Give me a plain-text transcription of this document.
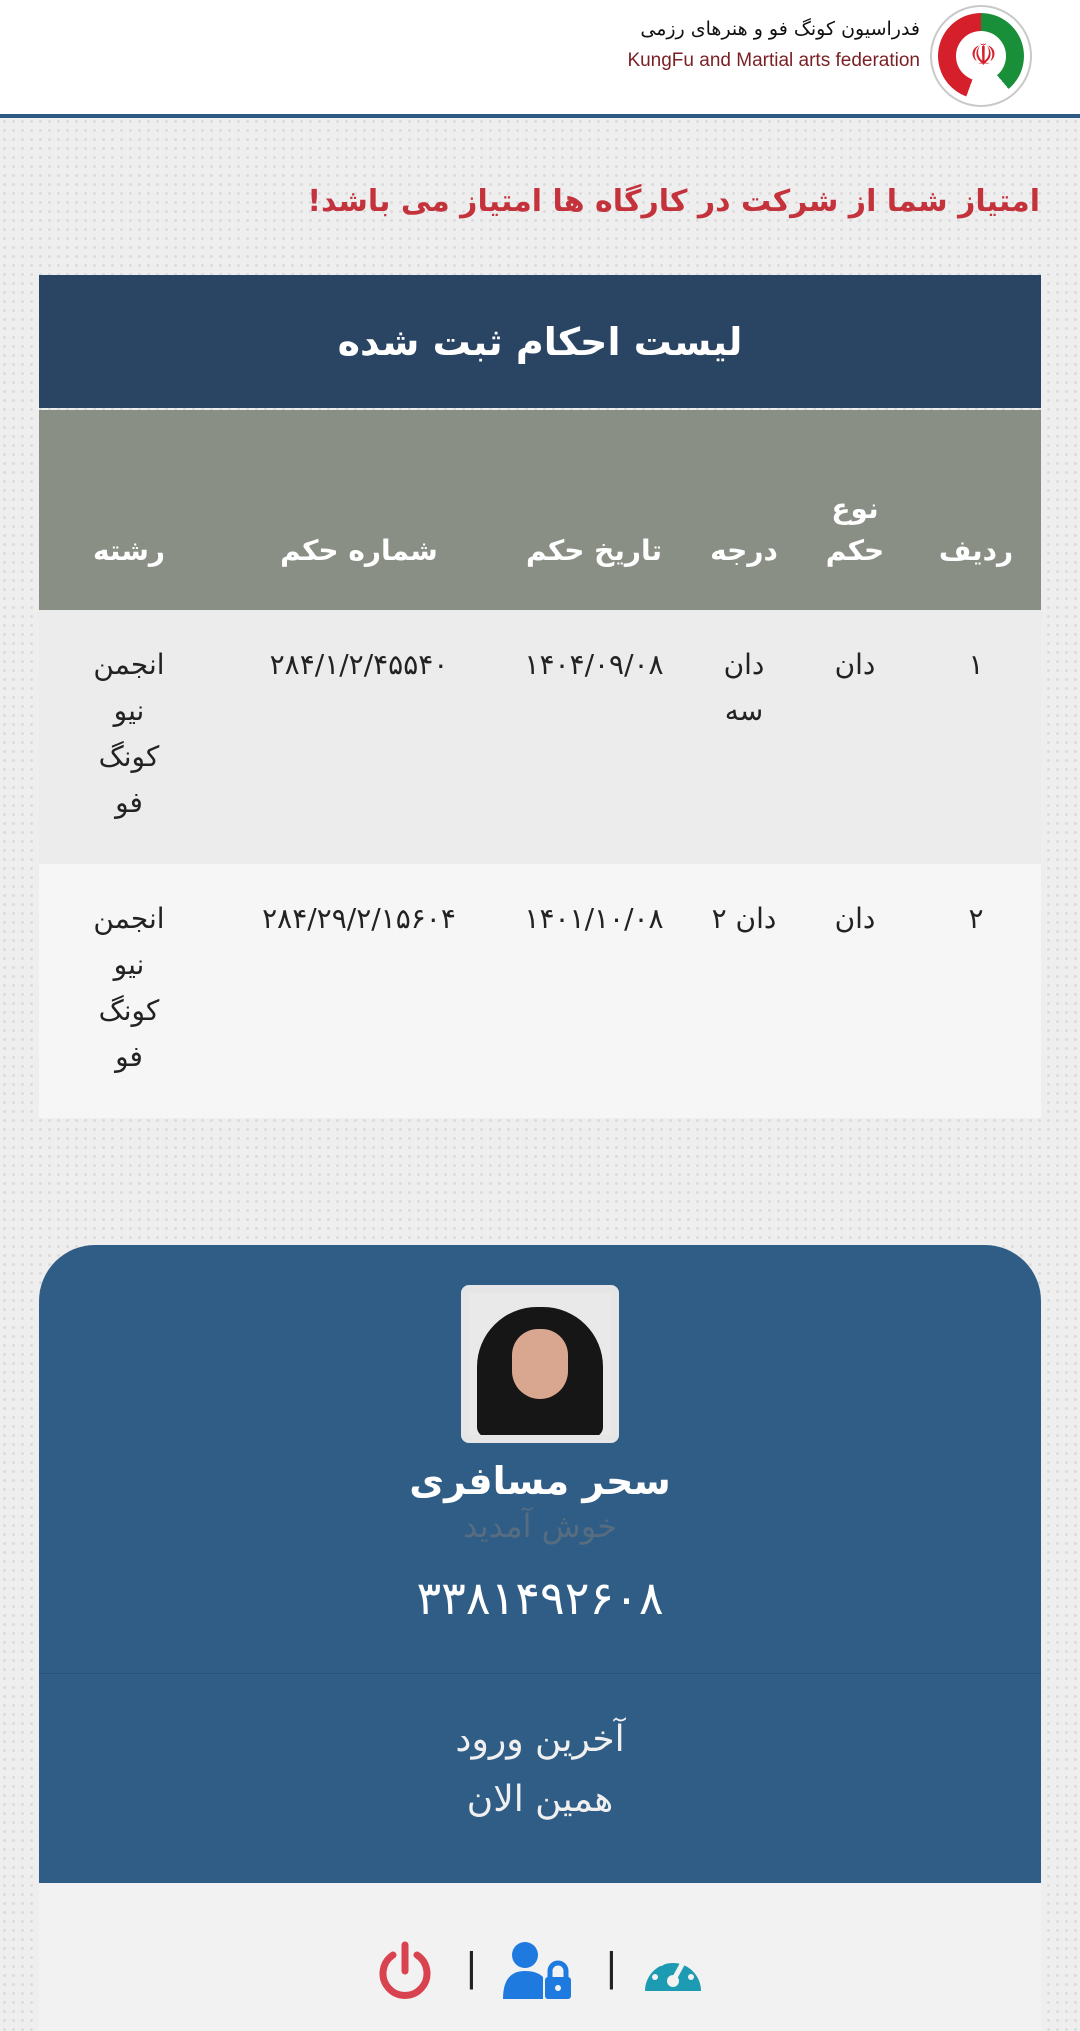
☫
فدراسیون کونگ فو و هنرهای رزمی
KungFu and Martial arts federation
امتیاز شما از شرکت در کارگاه ها امتیاز می باشد!
لیست احکام ثبت شده
ردیف
نوع حکم
درجه
تاریخ حکم
شماره حکم
رشته
۱
دان
دان سه
۱۴۰۴/۰۹/۰۸
۲۸۴/۱/۲/۴۵۵۴۰
انجمن نیو کونگ فو
۲
دان
دان ۲
۱۴۰۱/۱۰/۰۸
۲۸۴/۲۹/۲/۱۵۶۰۴
انجمن نیو کونگ فو
سحر مسافری
خوش آمدید
۳۳۸۱۴۹۲۶۰۸
آخرین ورود
همین الان
|	|
